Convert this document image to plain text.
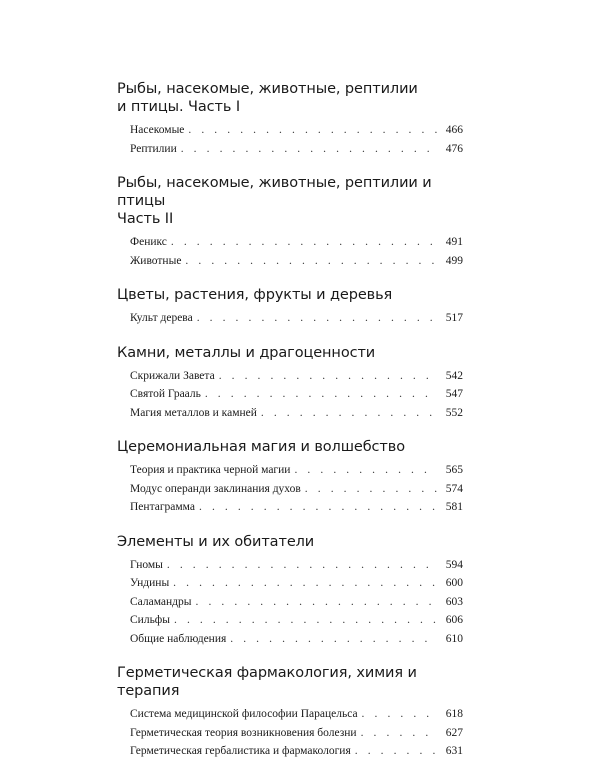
Рыбы, насекомые, животные, рептилии
и птицы. Часть I
Насекомые . . .	466
Рептилии . . .	476
Рыбы, насекомые, животные, рептилии и птицы
Часть II
Феникс . . .	491
Животные . . .	499
Цветы, растения, фрукты и деревья
Культ дерева . . .	517
Камни, металлы и драгоценности
Скрижали Завета . . .	542
Святой Грааль . . .	547
Магия металлов и камней . . .	552
Церемониальная магия и волшебство
Теория и практика черной магии . . .	565
Модус операнди заклинания духов . . .	574
Пентаграмма . . .	581
Элементы и их обитатели
Гномы . . .	594
Ундины . . .	600
Саламандры . . .	603
Сильфы . . .	606
Общие наблюдения . . .	610
Герметическая фармакология, химия и терапия
Система медицинской философии Парацельса . . .	618
Герметическая теория возникновения болезни . . .	627
Герметическая гербалистика и фармакология . . .	631
